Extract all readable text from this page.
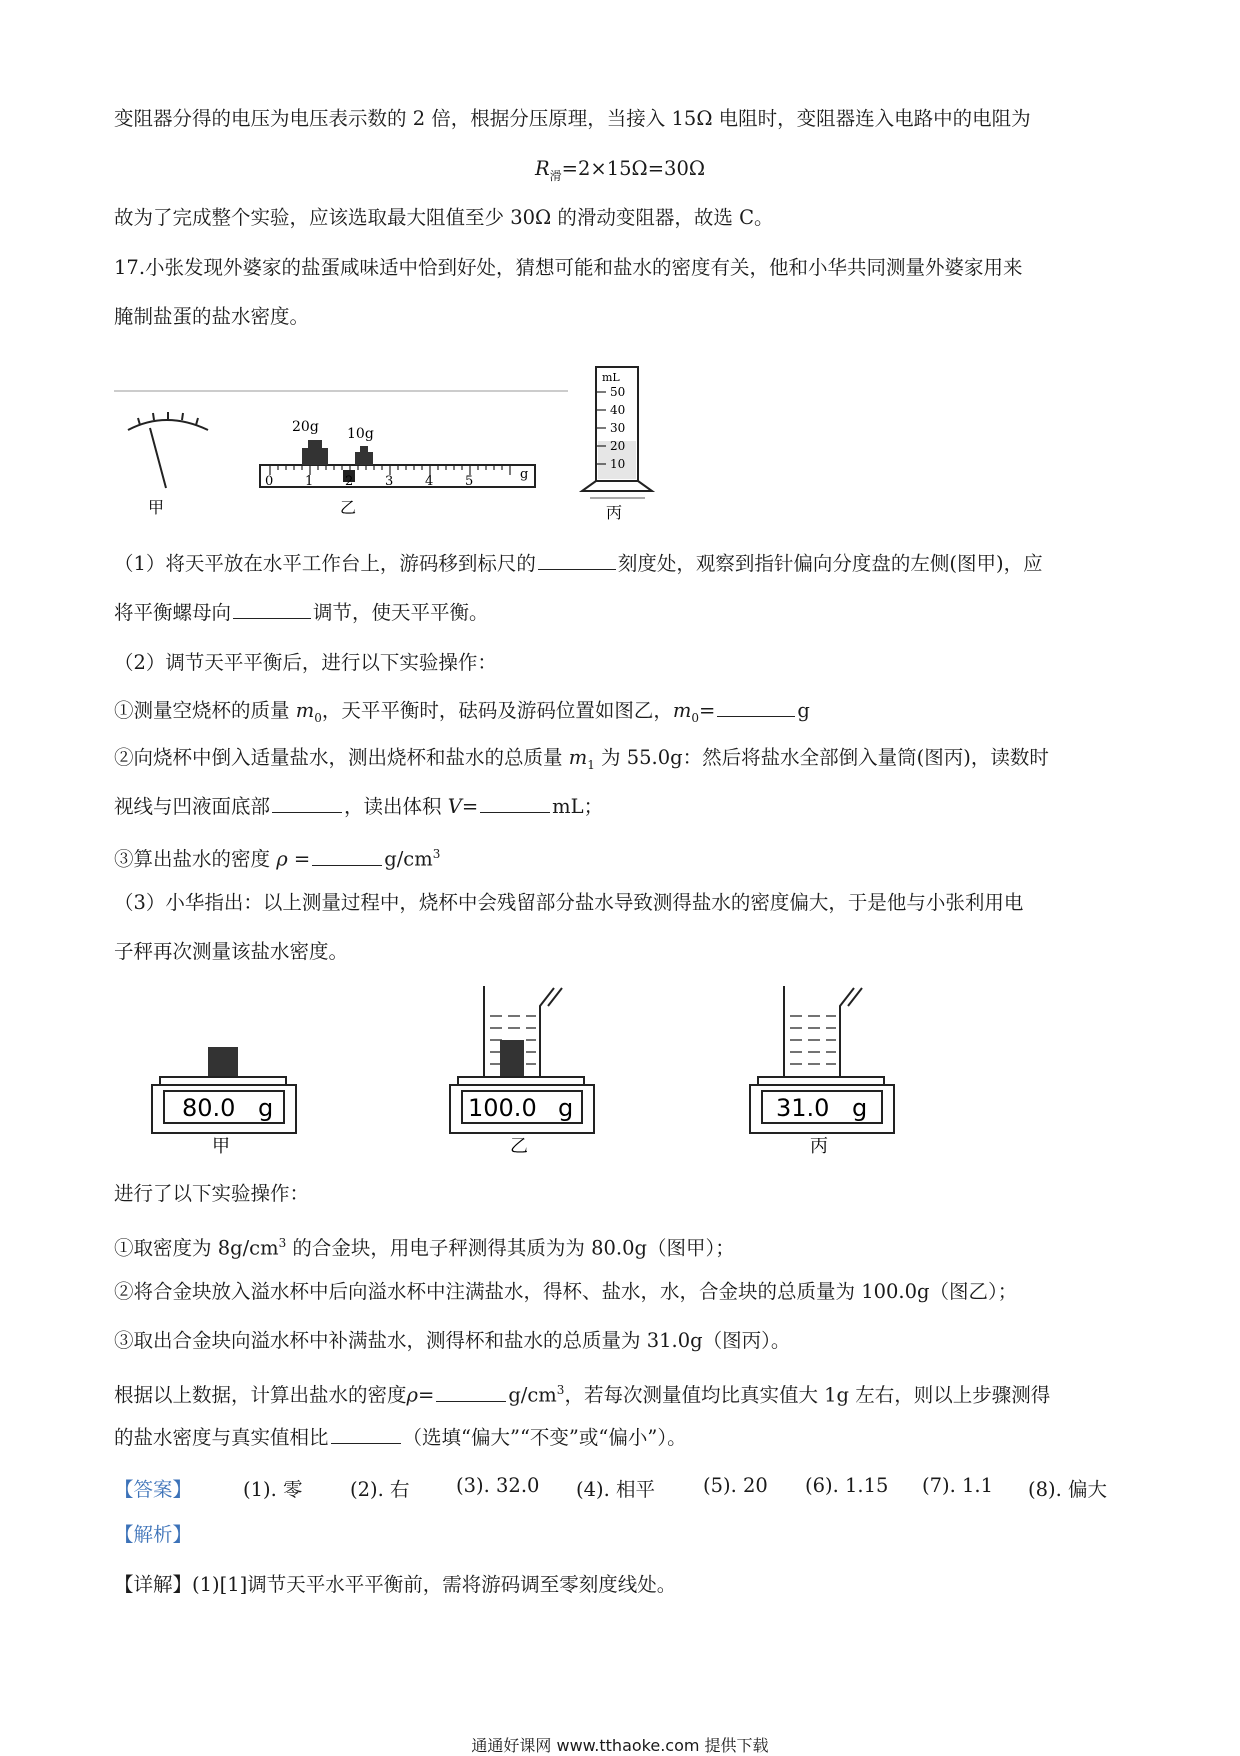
变阻器分得的电压为电压表示数的 2 倍，根据分压原理，当接入 15Ω 电阻时，变阻器连入电路中的电阻为
$R_滑=2\times 15\Omega=30\Omega$
故为了完成整个实验，应该选取最大阻值至少 30Ω 的滑动变阻器，故选 C。
17.小张发现外婆家的盐蛋咸味适中恰到好处，猜想可能和盐水的密度有关，他和小华共同测量外婆家用来
腌制盐蛋的盐水密度。
甲
0 1 2 3 4 5	g
20g 10g
乙
mL
50
40
30
20
10
丙
（1）将天平放在水平工作台上，游码移到标尺的	刻度处，观察到指针偏向分度盘的左侧(图甲)，应
将平衡螺母向	调节，使天平平衡。
（2）调节天平平衡后，进行以下实验操作：
①测量空烧杯的质量 $m_0$，天平平衡时，砝码及游码位置如图乙，$m_0=$	g
②向烧杯中倒入适量盐水，测出烧杯和盐水的总质量 $m_1$ 为 55.0g：然后将盐水全部倒入量筒(图丙)，读数时
视线与凹液面底部	，读出体积 V=	mL；
③算出盐水的密度 ρ =	$g/cm^3$
（3）小华指出：以上测量过程中，烧杯中会残留部分盐水导致测得盐水的密度偏大，于是他与小张利用电
子秤再次测量该盐水密度。
80.0 g
甲
100.0 g
乙
31.0 g
丙
进行了以下实验操作：
①取密度为 $8g/cm^3$ 的合金块，用电子秤测得其质为为 80.0g（图甲）；
②将合金块放入溢水杯中后向溢水杯中注满盐水，得杯、盐水，水，合金块的总质量为 100.0g（图乙）；
③取出合金块向溢水杯中补满盐水，测得杯和盐水的总质量为 31.0g（图丙）。
根据以上数据，计算出盐水的密度ρ=	$g/cm^3$，若每次测量值均比真实值大 1g 左右，则以上步骤测得
的盐水密度与真实值相比	（选填“偏大”“不变”或“偏小”）。
【答案】	(1). 零 (2). 右 (3). 32.0 (4). 相平 (5). 20 (6). 1.15 (7). 1.1 (8). 偏大
【解析】
【详解】(1)[1]调节天平水平平衡前，需将游码调至零刻度线处。
通通好课网 www.tthaoke.com 提供下载
